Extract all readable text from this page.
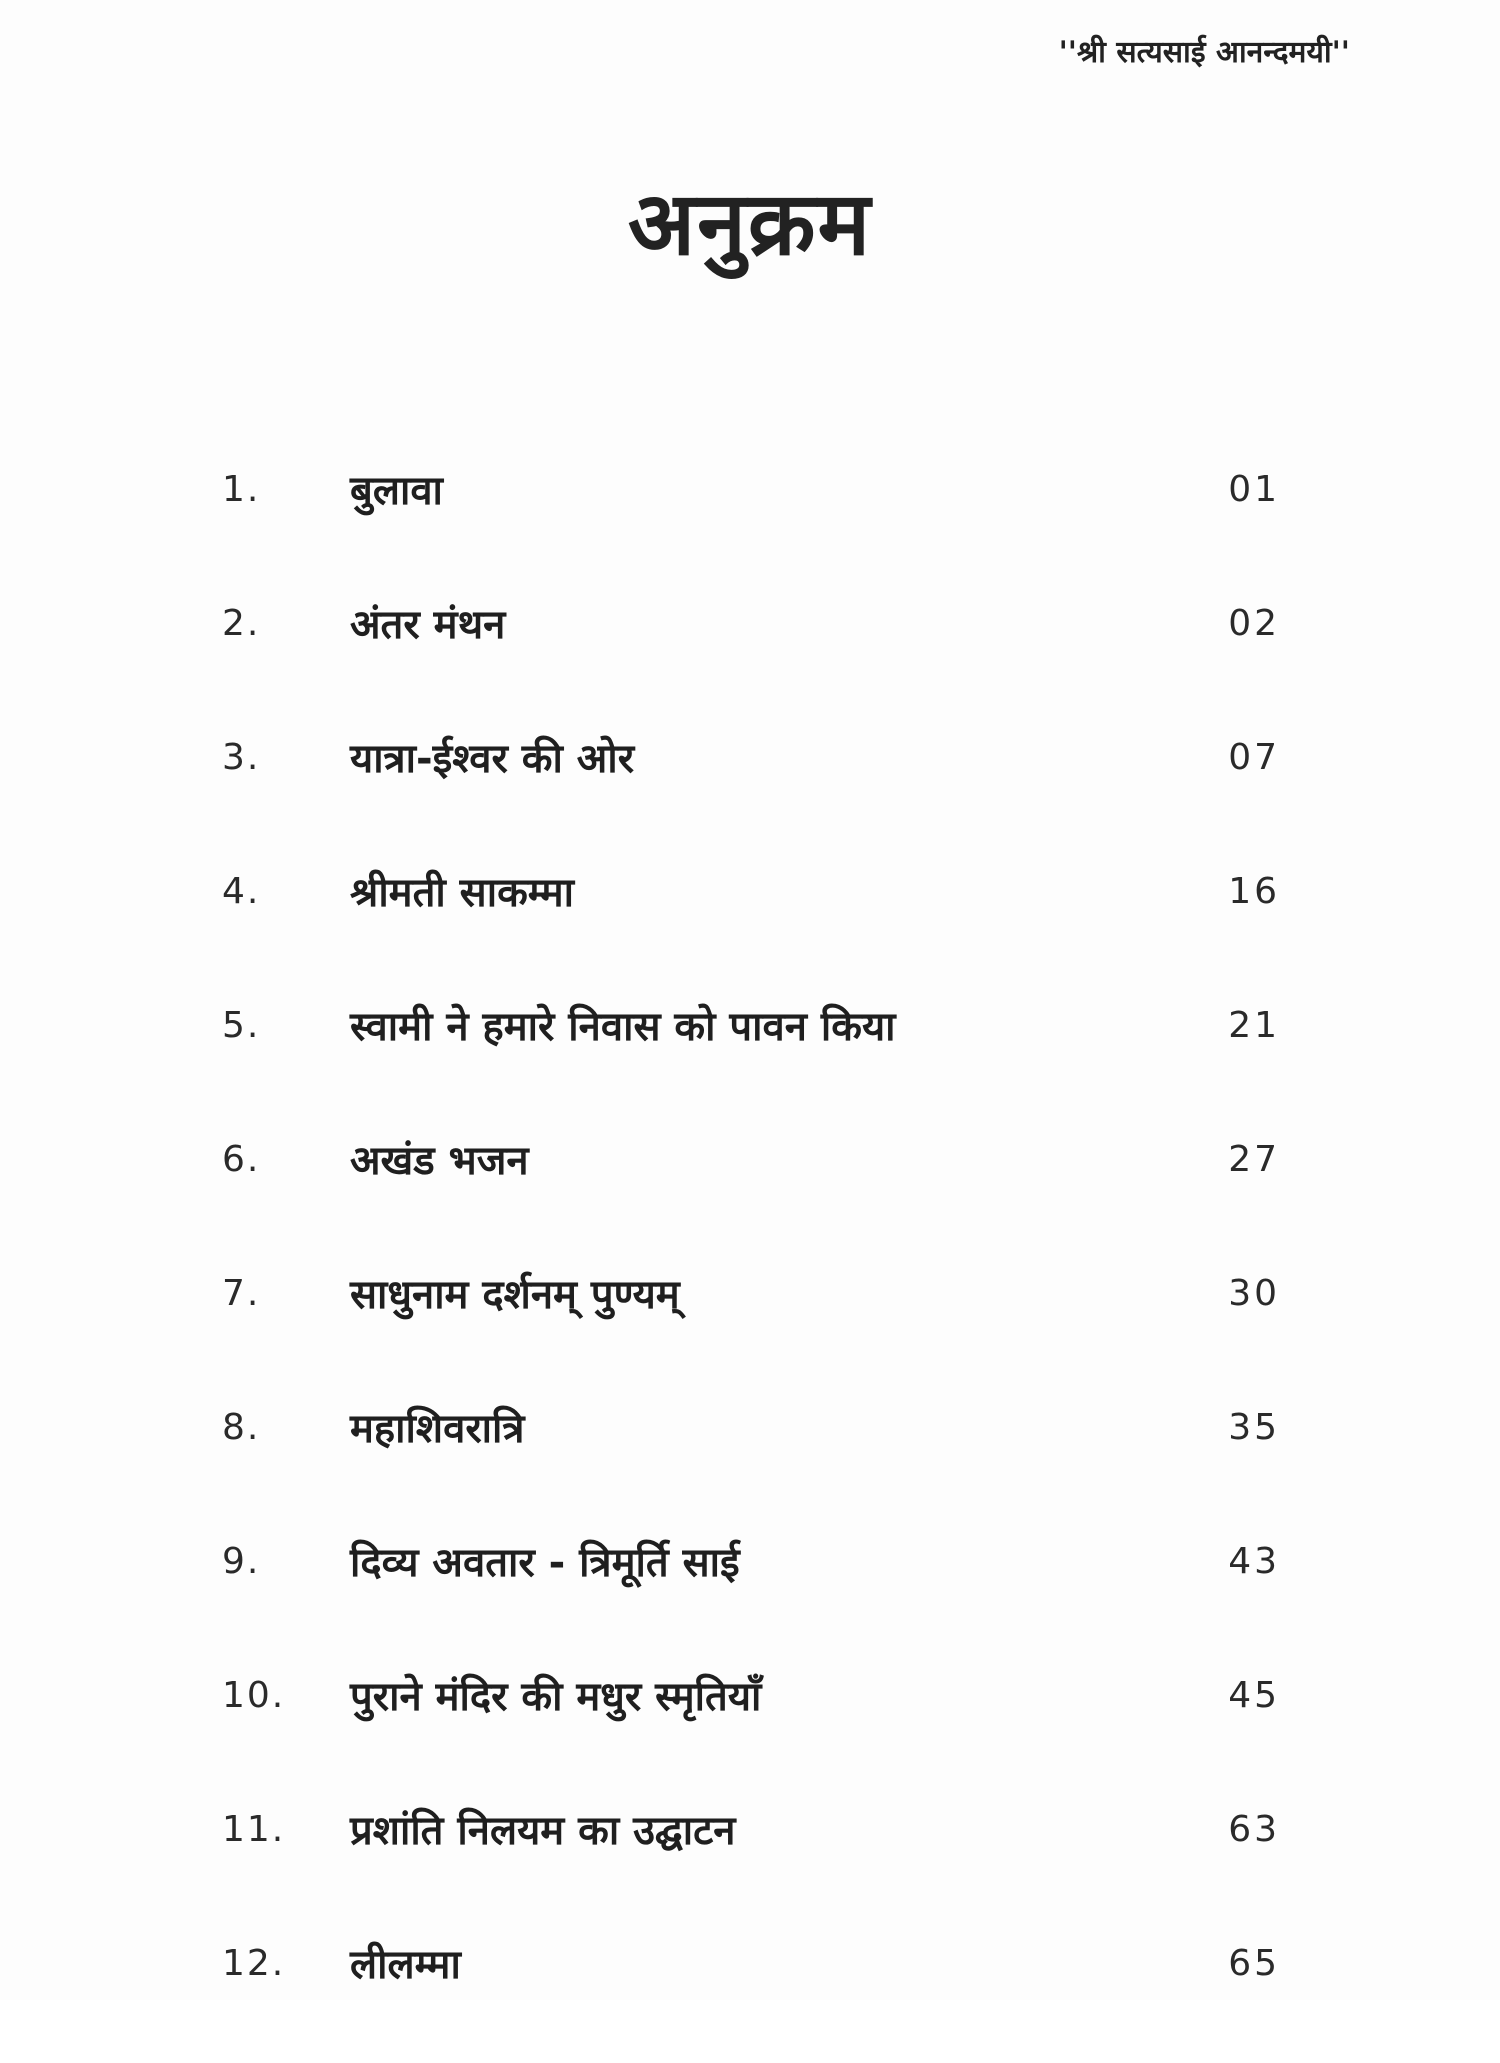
''श्री सत्यसाई आनन्दमयी''
अनुक्रम
1. बुलावा	01
2. अंतर मंथन	02
3. यात्रा-ईश्वर की ओर	07
4. श्रीमती साकम्मा	16
5. स्वामी ने हमारे निवास को पावन किया	21
6. अखंड भजन	27
7. साधुनाम दर्शनम् पुण्यम्	30
8. महाशिवरात्रि	35
9. दिव्य अवतार - त्रिमूर्ति साई	43
10. पुराने मंदिर की मधुर स्मृतियाँ	45
11. प्रशांति निलयम का उद्घाटन	63
12. लीलम्मा	65
